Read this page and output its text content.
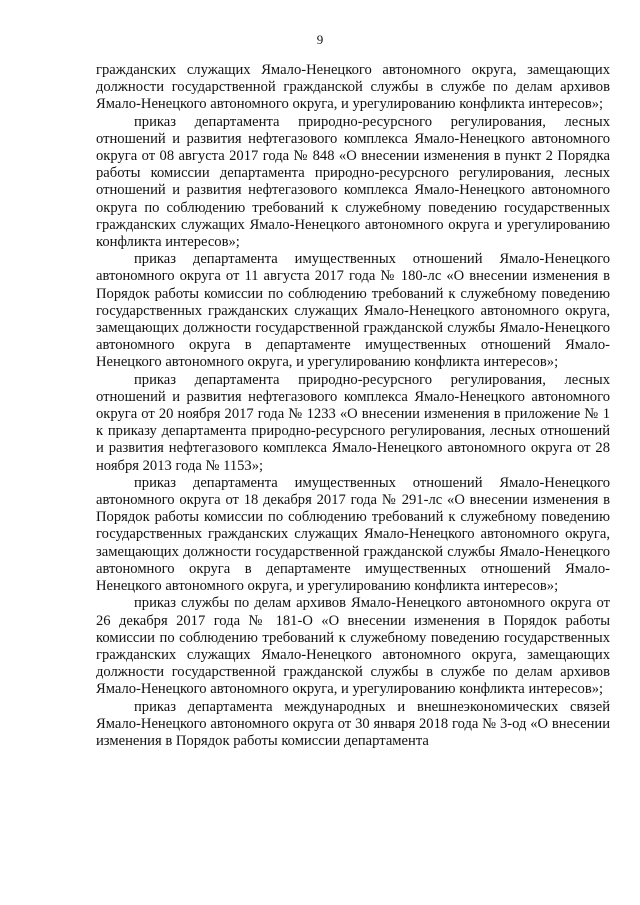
9

гражданских служащих Ямало-Ненецкого автономного округа, замещающих должности государственной гражданской службы в службе по делам архивов Ямало-Ненецкого автономного округа, и урегулированию конфликта интересов»;

приказ департамента природно-ресурсного регулирования, лесных отношений и развития нефтегазового комплекса Ямало-Ненецкого автономного округа от 08 августа 2017 года № 848 «О внесении изменения в пункт 2 Порядка работы комиссии департамента природно-ресурсного регулирования, лесных отношений и развития нефтегазового комплекса Ямало-Ненецкого автономного округа по соблюдению требований к служебному поведению государственных гражданских служащих Ямало-Ненецкого автономного округа и урегулированию конфликта интересов»;

приказ департамента имущественных отношений Ямало-Ненецкого автономного округа от 11 августа 2017 года № 180-лс «О внесении изменения в Порядок работы комиссии по соблюдению требований к служебному поведению государственных гражданских служащих Ямало-Ненецкого автономного округа, замещающих должности государственной гражданской службы Ямало-Ненецкого автономного округа в департаменте имущественных отношений Ямало-Ненецкого автономного округа, и урегулированию конфликта интересов»;

приказ департамента природно-ресурсного регулирования, лесных отношений и развития нефтегазового комплекса Ямало-Ненецкого автономного округа от 20 ноября 2017 года № 1233 «О внесении изменения в приложение № 1 к приказу департамента природно-ресурсного регулирования, лесных отношений и развития нефтегазового комплекса Ямало-Ненецкого автономного округа от 28 ноября 2013 года № 1153»;

приказ департамента имущественных отношений Ямало-Ненецкого автономного округа от 18 декабря 2017 года № 291-лс «О внесении изменения в Порядок работы комиссии по соблюдению требований к служебному поведению государственных гражданских служащих Ямало-Ненецкого автономного округа, замещающих должности государственной гражданской службы Ямало-Ненецкого автономного округа в департаменте имущественных отношений Ямало-Ненецкого автономного округа, и урегулированию конфликта интересов»;

приказ службы по делам архивов Ямало-Ненецкого автономного округа от 26 декабря 2017 года № 181-О «О внесении изменения в Порядок работы комиссии по соблюдению требований к служебному поведению государственных гражданских служащих Ямало-Ненецкого автономного округа, замещающих должности государственной гражданской службы в службе по делам архивов Ямало-Ненецкого автономного округа, и урегулированию конфликта интересов»;

приказ департамента международных и внешнеэкономических связей Ямало-Ненецкого автономного округа от 30 января 2018 года № 3-од «О внесении изменения в Порядок работы комиссии департамента
